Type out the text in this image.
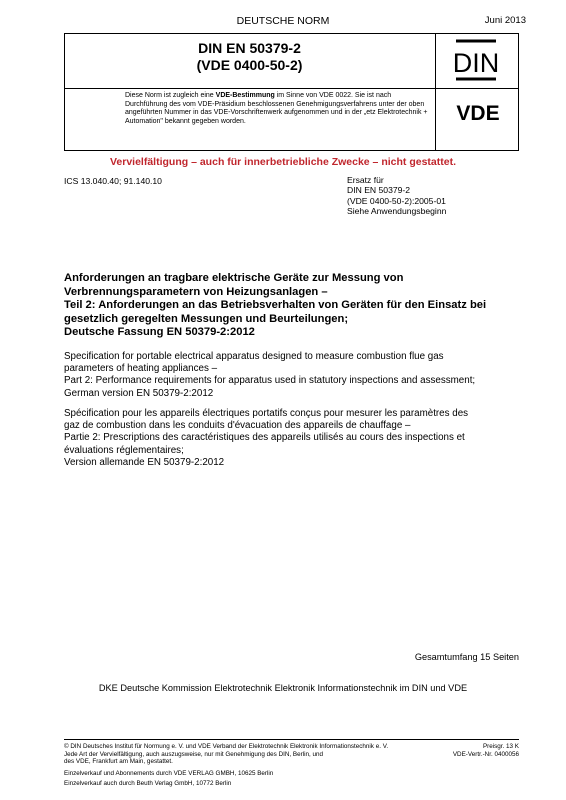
DEUTSCHE NORM	Juni 2013
DIN EN 50379-2
(VDE 0400-50-2)	DIN
VDE
Diese Norm ist zugleich eine VDE-Bestimmung im Sinne von VDE 0022. Sie ist nach Durchführung des vom VDE-Präsidium beschlossenen Genehmigungsverfahrens unter der oben angeführten Nummer in das VDE-Vorschriftenwerk aufgenommen und in der „etz Elektrotechnik + Automation" bekannt gegeben worden.
Vervielfältigung – auch für innerbetriebliche Zwecke – nicht gestattet.
ICS 13.040.40; 91.140.10	Ersatz für
DIN EN 50379-2
(VDE 0400-50-2):2005-01
Siehe Anwendungsbeginn
Anforderungen an tragbare elektrische Geräte zur Messung von
Verbrennungsparametern von Heizungsanlagen –
Teil 2: Anforderungen an das Betriebsverhalten von Geräten für den Einsatz bei
gesetzlich geregelten Messungen und Beurteilungen;
Deutsche Fassung EN 50379-2:2012
Specification for portable electrical apparatus designed to measure combustion flue gas
parameters of heating appliances –
Part 2: Performance requirements for apparatus used in statutory inspections and assessment;
German version EN 50379-2:2012
Spécification pour les appareils électriques portatifs conçus pour mesurer les paramètres des
gaz de combustion dans les conduits d'évacuation des appareils de chauffage –
Partie 2: Prescriptions des caractéristiques des appareils utilisés au cours des inspections et
évaluations réglementaires;
Version allemande EN 50379-2:2012
Gesamtumfang 15 Seiten
DKE Deutsche Kommission Elektrotechnik Elektronik Informationstechnik im DIN und VDE
© DIN Deutsches Institut für Normung e. V. und VDE Verband der Elektrotechnik Elektronik Informationstechnik e. V.
Jede Art der Vervielfältigung, auch auszugsweise, nur mit Genehmigung des DIN, Berlin, und
des VDE, Frankfurt am Main, gestattet.
Preisgr. 13 K
VDE-Vertr.-Nr. 0400056
Einzelverkauf und Abonnements durch VDE VERLAG GMBH, 10625 Berlin
Einzelverkauf auch durch Beuth Verlag GmbH, 10772 Berlin
